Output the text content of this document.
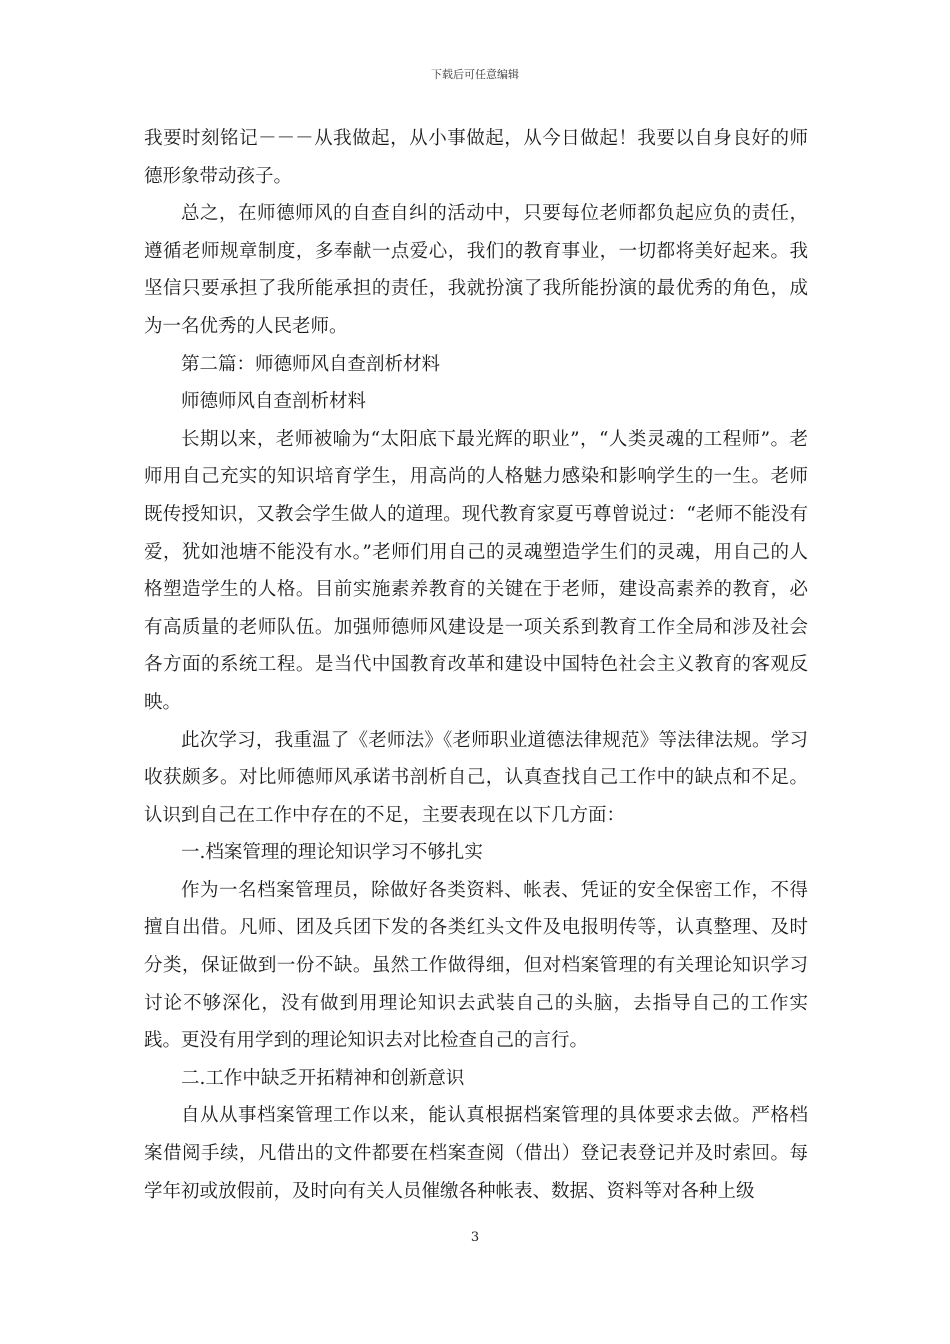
下载后可任意编辑

我要时刻铭记－－－从我做起，从小事做起，从今日做起！我要以自身良好的师德形象带动孩子。

总之，在师德师风的自查自纠的活动中，只要每位老师都负起应负的责任，遵循老师规章制度，多奉献一点爱心，我们的教育事业，一切都将美好起来。我坚信只要承担了我所能承担的责任，我就扮演了我所能扮演的最优秀的角色，成为一名优秀的人民老师。

第二篇：师德师风自查剖析材料

师德师风自查剖析材料

长期以来，老师被喻为“太阳底下最光辉的职业”，“人类灵魂的工程师”。老师用自己充实的知识培育学生，用高尚的人格魅力感染和影响学生的一生。老师既传授知识，又教会学生做人的道理。现代教育家夏丐尊曾说过：“老师不能没有爱，犹如池塘不能没有水。”老师们用自己的灵魂塑造学生们的灵魂，用自己的人格塑造学生的人格。目前实施素养教育的关键在于老师，建设高素养的教育，必有高质量的老师队伍。加强师德师风建设是一项关系到教育工作全局和涉及社会各方面的系统工程。是当代中国教育改革和建设中国特色社会主义教育的客观反映。

此次学习，我重温了《老师法》《老师职业道德法律规范》等法律法规。学习收获颇多。对比师德师风承诺书剖析自己，认真查找自己工作中的缺点和不足。认识到自己在工作中存在的不足，主要表现在以下几方面：

一.档案管理的理论知识学习不够扎实

作为一名档案管理员，除做好各类资料、帐表、凭证的安全保密工作，不得擅自出借。凡师、团及兵团下发的各类红头文件及电报明传等，认真整理、及时分类，保证做到一份不缺。虽然工作做得细，但对档案管理的有关理论知识学习讨论不够深化，没有做到用理论知识去武装自己的头脑，去指导自己的工作实践。更没有用学到的理论知识去对比检查自己的言行。

二.工作中缺乏开拓精神和创新意识

自从从事档案管理工作以来，能认真根据档案管理的具体要求去做。严格档案借阅手续，凡借出的文件都要在档案查阅（借出）登记表登记并及时索回。每学年初或放假前，及时向有关人员催缴各种帐表、数据、资料等对各种上级

3
